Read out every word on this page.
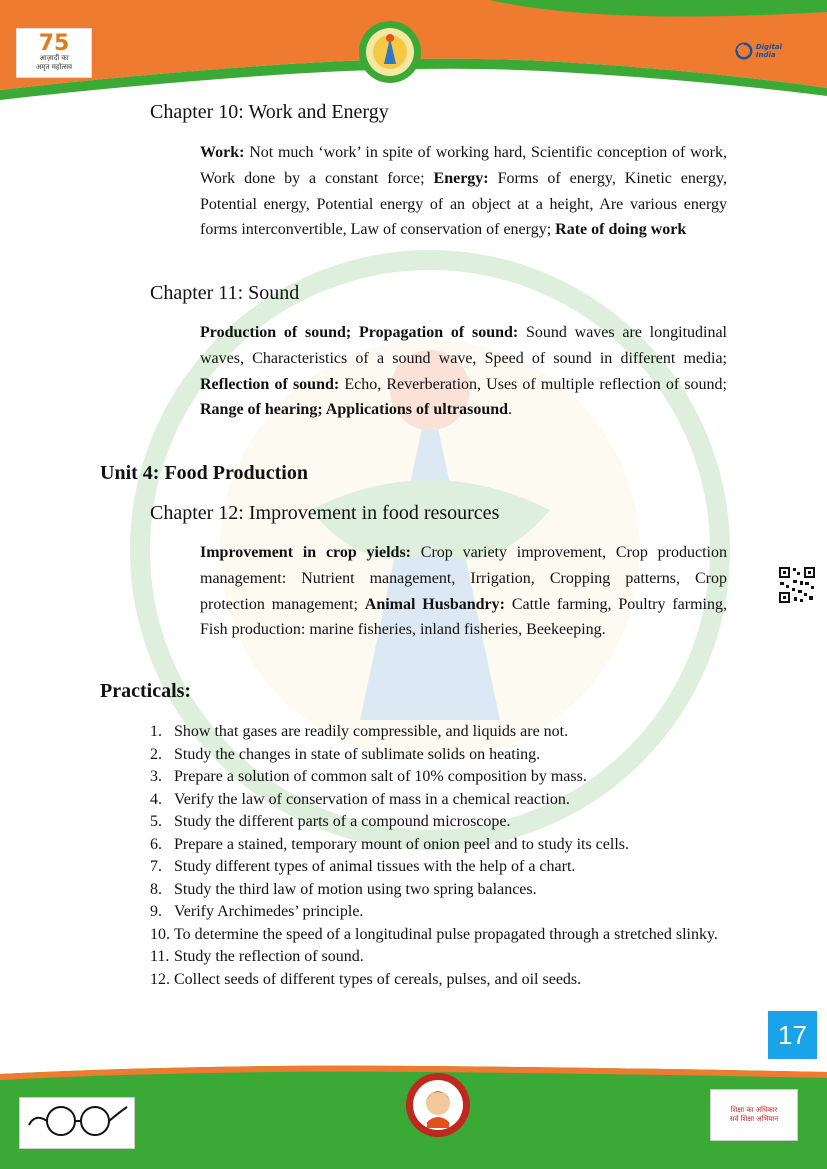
75
आज़ादी का
अमृत महोत्सव
Digital India
Chapter 10: Work and Energy

Work: Not much ‘work’ in spite of working hard, Scientific conception of work, Work done by a constant force; Energy: Forms of energy, Kinetic energy, Potential energy, Potential energy of an object at a height, Are various energy forms interconvertible, Law of conservation of energy; Rate of doing work

Chapter 11: Sound

Production of sound; Propagation of sound: Sound waves are longitudinal waves, Characteristics of a sound wave, Speed of sound in different media; Reflection of sound: Echo, Reverberation, Uses of multiple reflection of sound; Range of hearing; Applications of ultrasound.

Unit 4: Food Production
Chapter 12: Improvement in food resources

Improvement in crop yields: Crop variety improvement, Crop production management: Nutrient management, Irrigation, Cropping patterns, Crop protection management; Animal Husbandry: Cattle farming, Poultry farming, Fish production: marine fisheries, inland fisheries, Beekeeping.

Practicals:
1. Show that gases are readily compressible, and liquids are not.
2. Study the changes in state of sublimate solids on heating.
3. Prepare a solution of common salt of 10% composition by mass.
4. Verify the law of conservation of mass in a chemical reaction.
5. Study the different parts of a compound microscope.
6. Prepare a stained, temporary mount of onion peel and to study its cells.
7. Study different types of animal tissues with the help of a chart.
8. Study the third law of motion using two spring balances.
9. Verify Archimedes’ principle.
10. To determine the speed of a longitudinal pulse propagated through a stretched slinky.
11. Study the reflection of sound.
12. Collect seeds of different types of cereals, pulses, and oil seeds.
17
शिक्षा का अधिकार
सर्व शिक्षा अभियान
